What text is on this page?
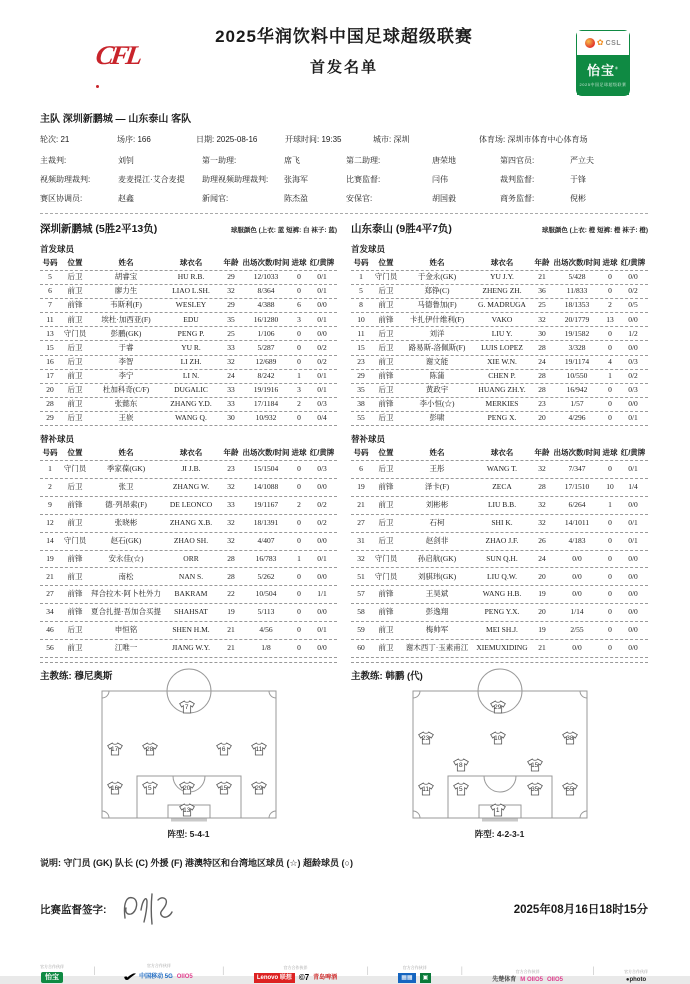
CFL
2025华润饮料中国足球超级联赛
首发名单
✿ CSL
怡宝®
2025中国足球超级联赛
主队 深圳新鹏城 — 山东泰山 客队
轮次: 21	场序: 166	日期: 2025-08-16	开球时间: 19:35	城市: 深圳	体育场: 深圳市体育中心体育场
主裁判:	刘钊	第一助理:	席飞	第二助理:	唐荣地	第四官员:	严立夫
视频助理裁判:	麦麦提江·艾合麦提	助理视频助理裁判:	张海军	比赛监督:	闫伟	裁判监督:	于锋
赛区协调员:	赵鑫	新闻官:	陈杰盈	安保官:	胡国毅	商务监督:	倪彬
深圳新鹏城 (5胜2平13负)	球服颜色 (上衣: 蓝 短裤: 白 袜子: 蓝)
首发球员
号码	位置	姓名	球衣名	年龄 出场次数/时间 进球 红/黄牌
5	后卫	胡睿宝	HU R.B.	29	12/1033	0	0/1
6	前卫	廖力生	LIAO L.SH.	32	8/364	0	0/1
7	前锋	韦斯利(F)	WESLEY	29	4/388	6	0/0
11	前卫	埃杜·加西亚(F)	EDU	35	16/1280	3	0/1
13	守门员	彭鹏(GK)	PENG P.	25	1/106	0	0/0
15	后卫	于睿	YU R.	33	5/287	0	0/2
16	后卫	李智	LI ZH.	32	12/689	0	0/2
17	前卫	李宁	LI N.	24	8/242	1	0/1
20	后卫	杜加科奇(C/F)	DUGALIC	33	19/1916	3	0/1
28	前卫	张懿东	ZHANG Y.D.	33	17/1184	2	0/3
29	后卫	王嵚	WANG Q.	30	10/932	0	0/4
替补球员
号码	位置	姓名	球衣名	年龄 出场次数/时间 进球 红/黄牌
1	守门员	季家葆(GK)	JI J.B.	23	15/1504	0	0/3
2	后卫	张卫	ZHANG W.	32	14/1088	0	0/0
9	前锋	德·列昂索(F)	DE LEONCO	33	19/1167	2	0/2
12	前卫	张晓彬	ZHANG X.B.	32	18/1391	0	0/2
14	守门员	赵石(GK)	ZHAO SH.	32	4/407	0	0/0
19	前锋	安永佳(☆)	ORR	28	16/783	1	0/1
21	前卫	南松	NAN S.	28	5/262	0	0/0
27	前锋	拜合拉木·阿卜杜外力	BAKRAM	22	10/504	0	1/1
34	前锋	夏合扎提·吾加合买提	SHAHSAT	19	5/113	0	0/0
46	后卫	申恒铭	SHEN H.M.	21	4/56	0	0/1
56	前卫	江唯一	JIANG W.Y.	21	1/8	0	0/0
主教练: 穆尼奥斯
7
17	28	6	11
16	5	20	15	29
13
阵型: 5-4-1
山东泰山 (9胜4平7负)	球服颜色 (上衣: 橙 短裤: 橙 袜子: 橙)
首发球员
号码	位置	姓名	球衣名	年龄 出场次数/时间 进球 红/黄牌
1	守门员	于金永(GK)	YU J.Y.	21	5/428	0	0/0
5	后卫	郑铮(C)	ZHENG ZH.	36	11/833	0	0/2
8	前卫	马德鲁加(F)	G. MADRUGA	25	18/1353	2	0/5
10	前锋	卡扎伊什维利(F)	VAKO	32	20/1779	13	0/0
11	后卫	刘洋	LIU Y.	30	19/1582	0	1/2
15	后卫	路易斯-洛佩斯(F)	LUIS LOPEZ	28	3/328	0	0/0
23	前卫	谢文能	XIE W.N.	24	19/1174	4	0/3
29	前锋	陈蒲	CHEN P.	28	10/550	1	0/2
35	后卫	黄政宇	HUANG ZH.Y.	28	16/942	0	0/3
38	前锋	李小恒(☆)	MERKIES	23	1/57	0	0/0
55	后卫	彭啸	PENG X.	20	4/296	0	0/1
替补球员
号码	位置	姓名	球衣名	年龄 出场次数/时间 进球 红/黄牌
6	后卫	王彤	WANG T.	32	7/347	0	0/1
19	前锋	泽卡(F)	ZECA	28	17/1510	10	1/4
21	前卫	刘彬彬	LIU B.B.	32	6/264	1	0/0
27	后卫	石柯	SHI K.	32	14/1011	0	0/1
31	后卫	赵剑非	ZHAO J.F.	26	4/183	0	0/1
32	守门员	孙启航(GK)	SUN Q.H.	24	0/0	0	0/0
51	守门员	刘骐玮(GK)	LIU Q.W.	20	0/0	0	0/0
57	前锋	王昊斌	WANG H.B.	19	0/0	0	0/0
58	前锋	彭逸翔	PENG Y.X.	20	1/14	0	0/0
59	前卫	梅帅军	MEI SH.J.	19	2/55	0	0/0
60	前卫	谢木西丁·玉素甫江	XIEMUXIDING	21	0/0	0	0/0
主教练: 韩鹏 (代)
29
23	10	38
8	15
11	5	35	55
1
阵型: 4-2-3-1
说明: 守门员 (GK) 队长 (C) 外援 (F) 港澳特区和台湾地区球员 (☆) 超龄球员 (○)
比赛监督签字:	2025年08月16日18时15分
官方合作伙伴
怡宝
|	官方合作伙伴
✔ 中国移动 5G OIIO5
|	官方合作伙伴
Lenovo 联想 ©7 青岛啤酒
|	官方合作伙伴
▦▦	▣
|	官方合作伙伴
先楚体育 M OIIO5 OIIO5
|	官方合作伙伴
●photo
